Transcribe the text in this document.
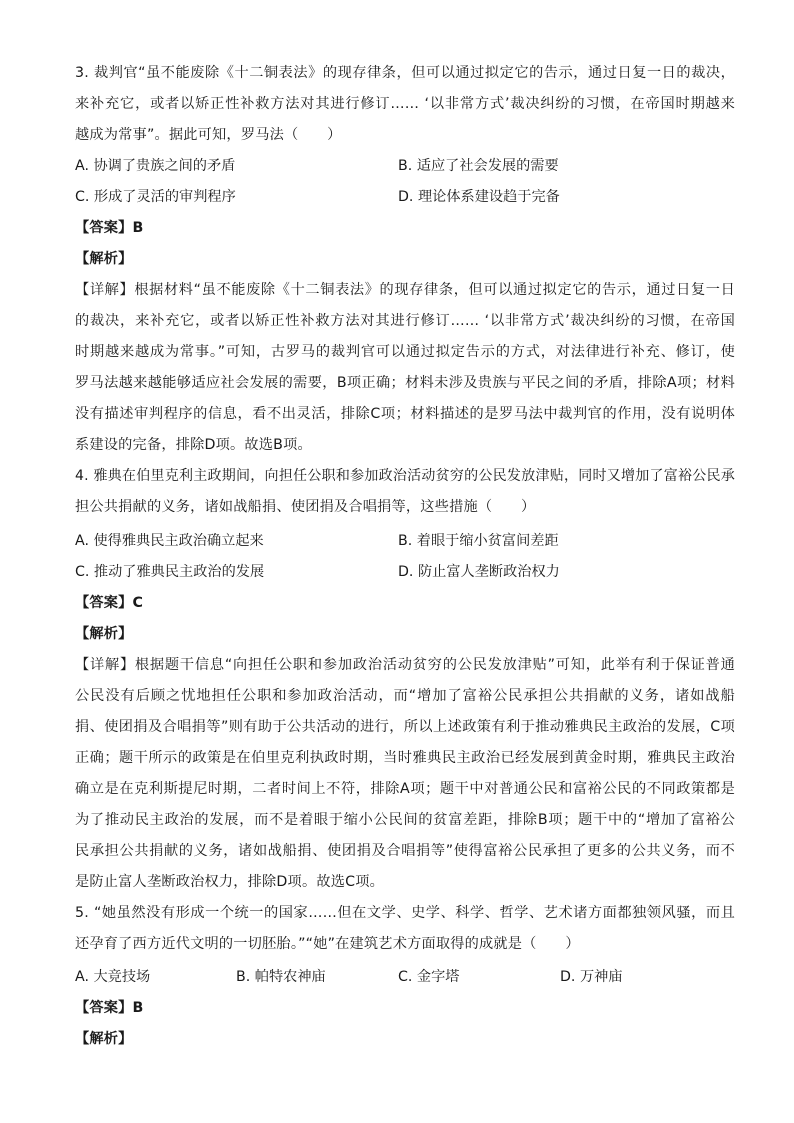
3. 裁判官“虽不能废除《十二铜表法》的现存律条，但可以通过拟定它的告示，通过日复一日的裁决，
来补充它，或者以矫正性补救方法对其进行修订…… ‘以非常方式’裁决纠纷的习惯，在帝国时期越来
越成为常事”。据此可知，罗马法（　　）
A. 协调了贵族之间的矛盾	B. 适应了社会发展的需要
C. 形成了灵活的审判程序	D. 理论体系建设趋于完备
【答案】B
【解析】
【详解】根据材料“虽不能废除《十二铜表法》的现存律条，但可以通过拟定它的告示，通过日复一日
的裁决，来补充它，或者以矫正性补救方法对其进行修订…… ‘以非常方式’裁决纠纷的习惯，在帝国
时期越来越成为常事。”可知，古罗马的裁判官可以通过拟定告示的方式，对法律进行补充、修订，使
罗马法越来越能够适应社会发展的需要，B项正确；材料未涉及贵族与平民之间的矛盾，排除A项；材料
没有描述审判程序的信息，看不出灵活，排除C项；材料描述的是罗马法中裁判官的作用，没有说明体
系建设的完备，排除D项。故选B项。
4. 雅典在伯里克利主政期间，向担任公职和参加政治活动贫穷的公民发放津贴，同时又增加了富裕公民承
担公共捐献的义务，诸如战船捐、使团捐及合唱捐等，这些措施（　　）
A. 使得雅典民主政治确立起来	B. 着眼于缩小贫富间差距
C. 推动了雅典民主政治的发展	D. 防止富人垄断政治权力
【答案】C
【解析】
【详解】根据题干信息“向担任公职和参加政治活动贫穷的公民发放津贴”可知，此举有利于保证普通
公民没有后顾之忧地担任公职和参加政治活动，而“增加了富裕公民承担公共捐献的义务，诸如战船
捐、使团捐及合唱捐等”则有助于公共活动的进行，所以上述政策有利于推动雅典民主政治的发展，C项
正确；题干所示的政策是在伯里克利执政时期，当时雅典民主政治已经发展到黄金时期，雅典民主政治
确立是在克利斯提尼时期，二者时间上不符，排除A项；题干中对普通公民和富裕公民的不同政策都是
为了推动民主政治的发展，而不是着眼于缩小公民间的贫富差距，排除B项；题干中的“增加了富裕公
民承担公共捐献的义务，诸如战船捐、使团捐及合唱捐等”使得富裕公民承担了更多的公共义务，而不
是防止富人垄断政治权力，排除D项。故选C项。
5. “她虽然没有形成一个统一的国家……但在文学、史学、科学、哲学、艺术诸方面都独领风骚，而且
还孕育了西方近代文明的一切胚胎。”“她”在建筑艺术方面取得的成就是（　　）
A. 大竞技场	B. 帕特农神庙	C. 金字塔	D. 万神庙
【答案】B
【解析】
